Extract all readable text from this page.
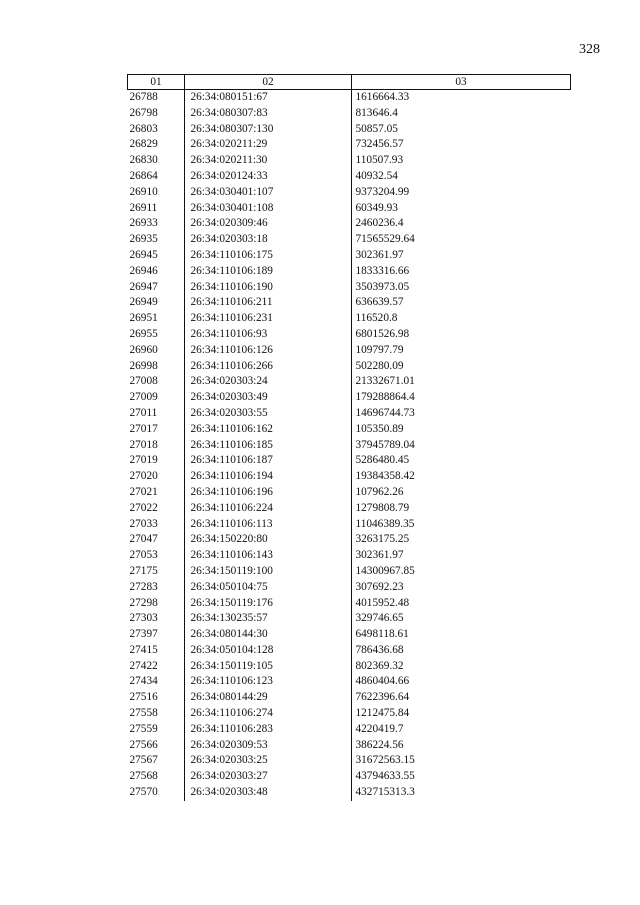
328
01	02	03
26788	26:34:080151:67	1616664.33
26798	26:34:080307:83	813646.4
26803	26:34:080307:130	50857.05
26829	26:34:020211:29	732456.57
26830	26:34:020211:30	110507.93
26864	26:34:020124:33	40932.54
26910	26:34:030401:107	9373204.99
26911	26:34:030401:108	60349.93
26933	26:34:020309:46	2460236.4
26935	26:34:020303:18	71565529.64
26945	26:34:110106:175	302361.97
26946	26:34:110106:189	1833316.66
26947	26:34:110106:190	3503973.05
26949	26:34:110106:211	636639.57
26951	26:34:110106:231	116520.8
26955	26:34:110106:93	6801526.98
26960	26:34:110106:126	109797.79
26998	26:34:110106:266	502280.09
27008	26:34:020303:24	21332671.01
27009	26:34:020303:49	179288864.4
27011	26:34:020303:55	14696744.73
27017	26:34:110106:162	105350.89
27018	26:34:110106:185	37945789.04
27019	26:34:110106:187	5286480.45
27020	26:34:110106:194	19384358.42
27021	26:34:110106:196	107962.26
27022	26:34:110106:224	1279808.79
27033	26:34:110106:113	11046389.35
27047	26:34:150220:80	3263175.25
27053	26:34:110106:143	302361.97
27175	26:34:150119:100	14300967.85
27283	26:34:050104:75	307692.23
27298	26:34:150119:176	4015952.48
27303	26:34:130235:57	329746.65
27397	26:34:080144:30	6498118.61
27415	26:34:050104:128	786436.68
27422	26:34:150119:105	802369.32
27434	26:34:110106:123	4860404.66
27516	26:34:080144:29	7622396.64
27558	26:34:110106:274	1212475.84
27559	26:34:110106:283	4220419.7
27566	26:34:020309:53	386224.56
27567	26:34:020303:25	31672563.15
27568	26:34:020303:27	43794633.55
27570	26:34:020303:48	432715313.3
